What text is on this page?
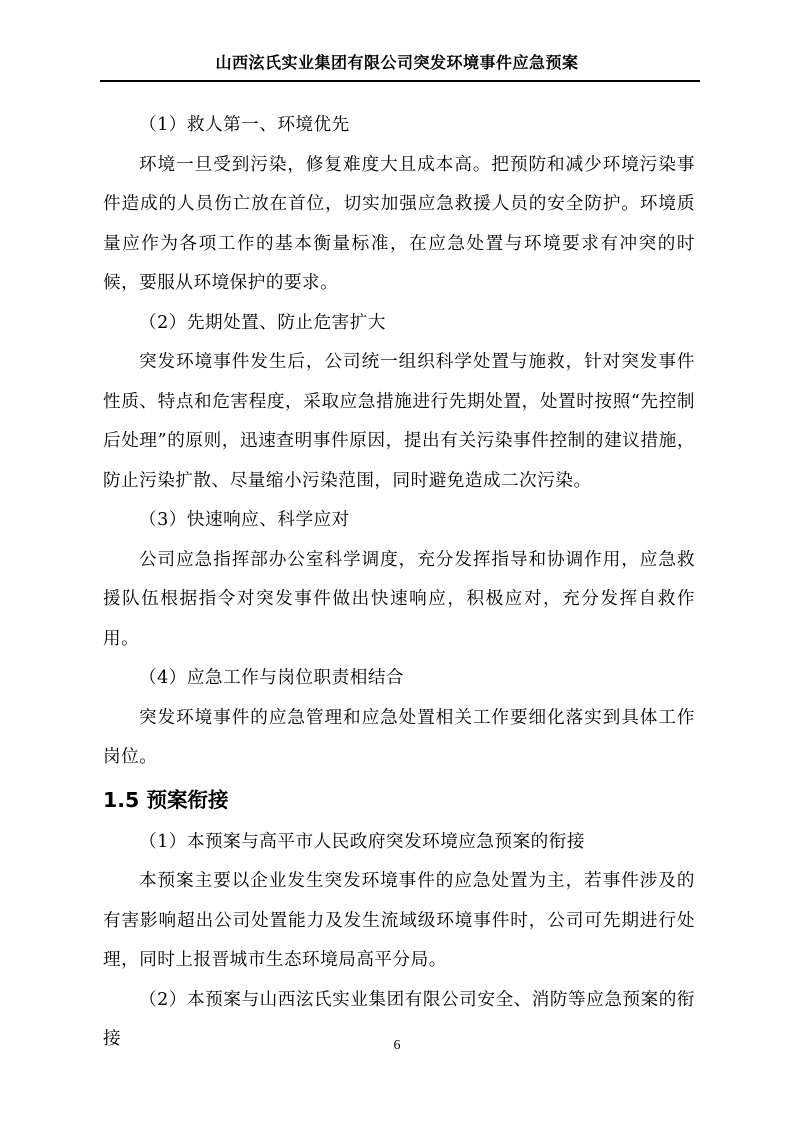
山西泫氏实业集团有限公司突发环境事件应急预案

（1）救人第一、环境优先

环境一旦受到污染，修复难度大且成本高。把预防和减少环境污染事件造成的人员伤亡放在首位，切实加强应急救援人员的安全防护。环境质量应作为各项工作的基本衡量标准，在应急处置与环境要求有冲突的时候，要服从环境保护的要求。

（2）先期处置、防止危害扩大

突发环境事件发生后，公司统一组织科学处置与施救，针对突发事件性质、特点和危害程度，采取应急措施进行先期处置，处置时按照“先控制后处理”的原则，迅速查明事件原因，提出有关污染事件控制的建议措施，防止污染扩散、尽量缩小污染范围，同时避免造成二次污染。

（3）快速响应、科学应对

公司应急指挥部办公室科学调度，充分发挥指导和协调作用，应急救援队伍根据指令对突发事件做出快速响应，积极应对，充分发挥自救作用。

（4）应急工作与岗位职责相结合

突发环境事件的应急管理和应急处置相关工作要细化落实到具体工作岗位。

1.5 预案衔接

（1）本预案与高平市人民政府突发环境应急预案的衔接

本预案主要以企业发生突发环境事件的应急处置为主，若事件涉及的有害影响超出公司处置能力及发生流域级环境事件时，公司可先期进行处理，同时上报晋城市生态环境局高平分局。

（2）本预案与山西泫氏实业集团有限公司安全、消防等应急预案的衔接	6
